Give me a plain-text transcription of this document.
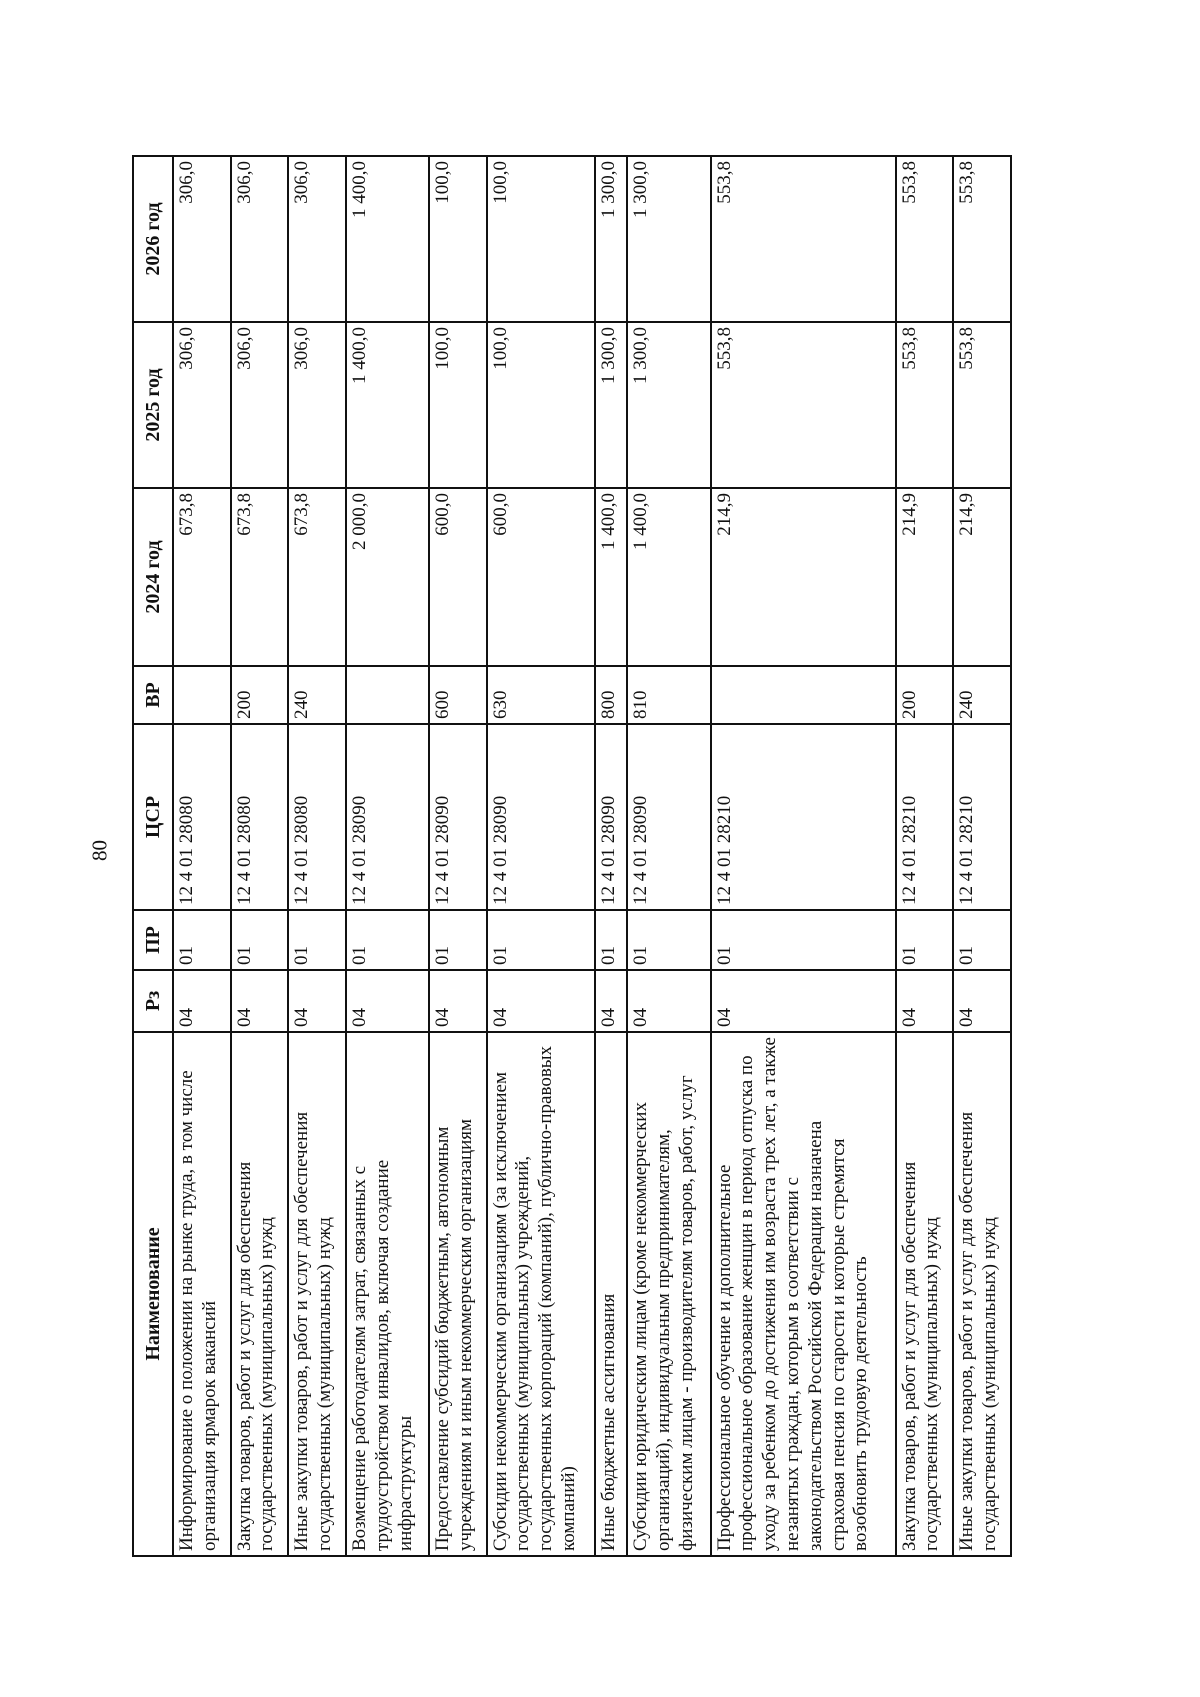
80
Наименование	Рз	ПР	ЦСР	ВР	2024 год	2025 год	2026 год
Информирование о положении на рынке труда, в том числе организация ярмарок вакансий	04	01	12 4 01 28080		673,8	306,0	306,0
Закупка товаров, работ и услуг для обеспечения государственных (муниципальных) нужд	04	01	12 4 01 28080	200	673,8	306,0	306,0
Иные закупки товаров, работ и услуг для обеспечения государственных (муниципальных) нужд	04	01	12 4 01 28080	240	673,8	306,0	306,0
Возмещение работодателям затрат, связанных с трудоустройством инвалидов, включая создание инфраструктуры	04	01	12 4 01 28090		2 000,0	1 400,0	1 400,0
Предоставление субсидий бюджетным, автономным учреждениям и иным некоммерческим организациям	04	01	12 4 01 28090	600	600,0	100,0	100,0
Субсидии некоммерческим организациям (за исключением государственных (муниципальных) учреждений, государственных корпораций (компаний), публично-правовых компаний)	04	01	12 4 01 28090	630	600,0	100,0	100,0
Иные бюджетные ассигнования	04	01	12 4 01 28090	800	1 400,0	1 300,0	1 300,0
Субсидии юридическим лицам (кроме некоммерческих организаций), индивидуальным предпринимателям, физическим лицам - производителям товаров, работ, услуг	04	01	12 4 01 28090	810	1 400,0	1 300,0	1 300,0
Профессиональное обучение и дополнительное профессиональное образование женщин в период отпуска по уходу за ребенком до достижения им возраста трех лет, а также незанятых граждан, которым в соответствии с законодательством Российской Федерации назначена страховая пенсия по старости и которые стремятся возобновить трудовую деятельность	04	01	12 4 01 28210		214,9	553,8	553,8
Закупка товаров, работ и услуг для обеспечения государственных (муниципальных) нужд	04	01	12 4 01 28210	200	214,9	553,8	553,8
Иные закупки товаров, работ и услуг для обеспечения государственных (муниципальных) нужд	04	01	12 4 01 28210	240	214,9	553,8	553,8
